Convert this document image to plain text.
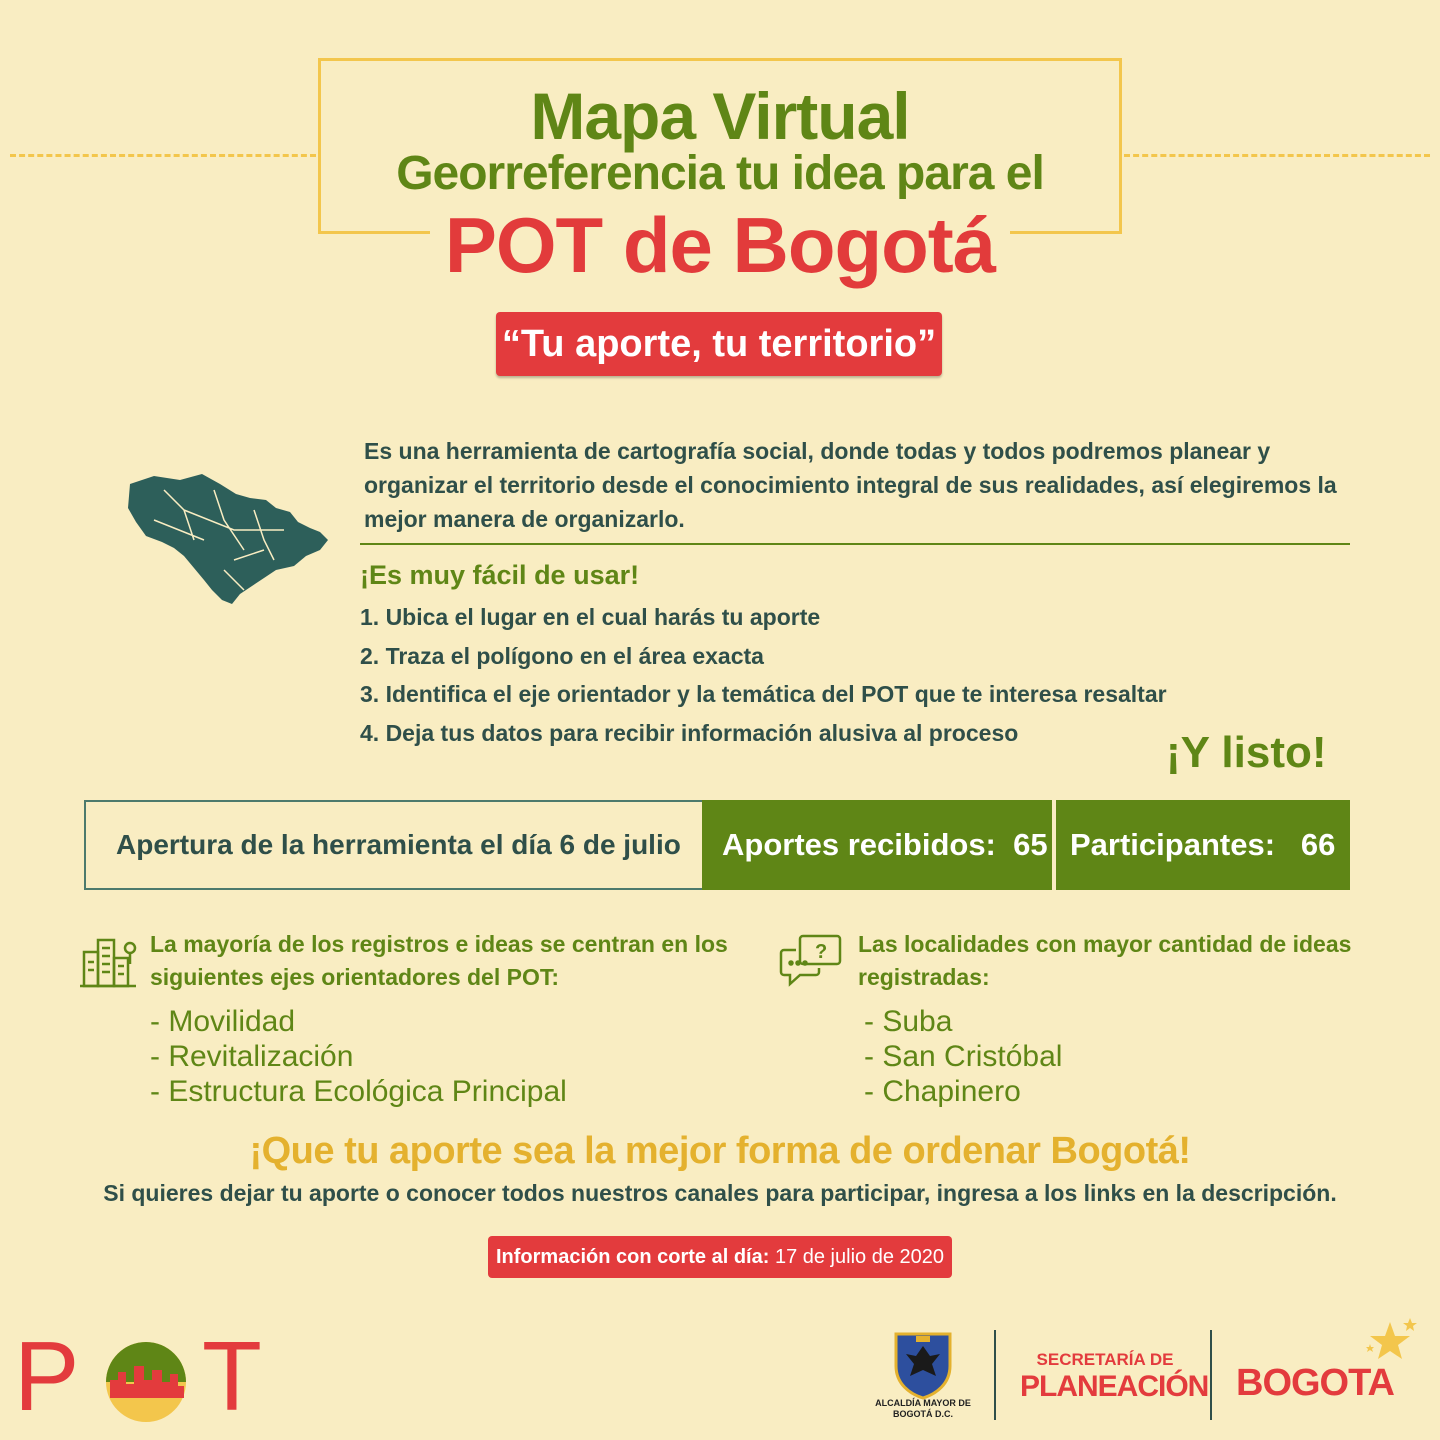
Mapa Virtual
Georreferencia tu idea para el
POT de Bogotá
“Tu aporte, tu territorio”
Es una herramienta de cartografía social, donde todas y todos podremos planear y organizar el territorio desde el conocimiento integral de sus realidades, así elegiremos la mejor manera de organizarlo.
¡Es muy fácil de usar!
1. Ubica el lugar en el cual harás tu aporte
2. Traza el polígono en el área exacta
3. Identifica el eje orientador y la temática del POT que te interesa resaltar
4. Deja tus datos para recibir información alusiva al proceso	¡Y listo!
Apertura de la herramienta el día 6 de julio	Aportes recibidos:  65 Participantes:   66
La mayoría de los registros e ideas se centran en los siguientes ejes orientadores del POT:
- Movilidad
- Revitalización
- Estructura Ecológica Principal
? Las localidades con mayor cantidad de ideas registradas:
- Suba
- San Cristóbal
- Chapinero
¡Que tu aporte sea la mejor forma de ordenar Bogotá!
Si quieres dejar tu aporte o conocer todos nuestros canales para participar, ingresa a los links en la descripción.
Información con corte al día: 17 de julio de 2020
P T	ALCALDÍA MAYOR DE BOGOTÁ D.C.
SECRETARÍA DE
PLANEACIÓN BOGOTA
